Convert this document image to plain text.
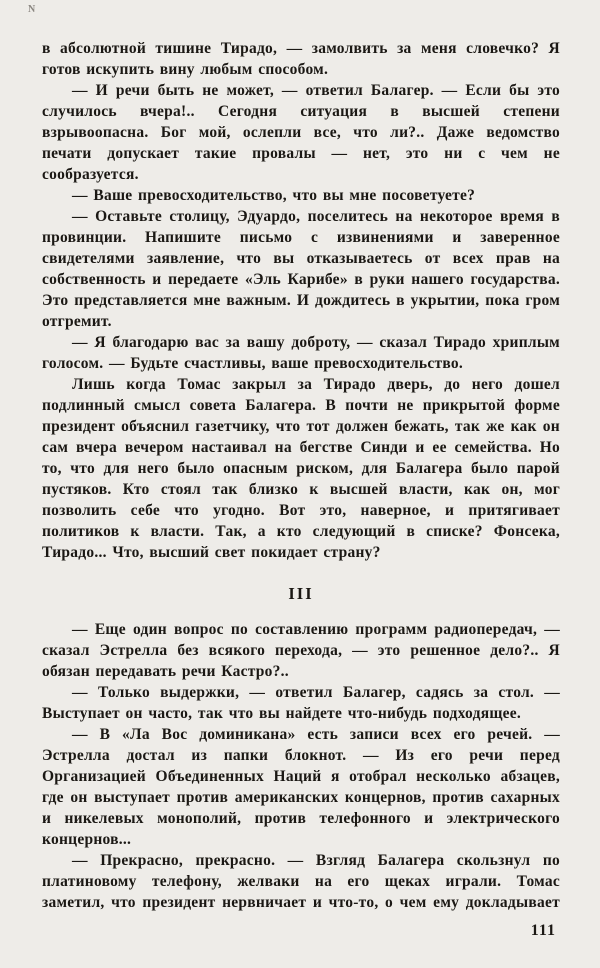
N

в абсолютной тишине Тирадо, — замолвить за меня словечко? Я готов искупить вину любым способом.

— И речи быть не может, — ответил Балагер. — Если бы это случилось вчера!.. Сегодня ситуация в высшей степени взрывоопасна. Бог мой, ослепли все, что ли?.. Даже ведомство печати допускает такие провалы — нет, это ни с чем не сообразуется.

— Ваше превосходительство, что вы мне посоветуете?

— Оставьте столицу, Эдуардо, поселитесь на некоторое время в провинции. Напишите письмо с извинениями и заверенное свидетелями заявление, что вы отказываетесь от всех прав на собственность и передаете «Эль Карибе» в руки нашего государства. Это представляется мне важным. И дождитесь в укрытии, пока гром отгремит.

— Я благодарю вас за вашу доброту, — сказал Тирадо хриплым голосом. — Будьте счастливы, ваше превосходительство.

Лишь когда Томас закрыл за Тирадо дверь, до него дошел подлинный смысл совета Балагера. В почти не прикрытой форме президент объяснил газетчику, что тот должен бежать, так же как он сам вчера вечером настаивал на бегстве Синди и ее семейства. Но то, что для него было опасным риском, для Балагера было парой пустяков. Кто стоял так близко к высшей власти, как он, мог позволить себе что угодно. Вот это, наверное, и притягивает политиков к власти. Так, а кто следующий в списке? Фонсека, Тирадо... Что, высший свет покидает страну?

III

— Еще один вопрос по составлению программ радиопередач, — сказал Эстрелла без всякого перехода, — это решенное дело?.. Я обязан передавать речи Кастро?..

— Только выдержки, — ответил Балагер, садясь за стол. — Выступает он часто, так что вы найдете что-нибудь подходящее.

— В «Ла Вос доминикана» есть записи всех его речей. — Эстрелла достал из папки блокнот. — Из его речи перед Организацией Объединенных Наций я отобрал несколько абзацев, где он выступает против американских концернов, против сахарных и никелевых монополий, против телефонного и электрического концернов...

— Прекрасно, прекрасно. — Взгляд Балагера скользнул по платиновому телефону, желваки на его щеках играли. Томас заметил, что президент нервничает и что-то, о чем ему докладывает

111
